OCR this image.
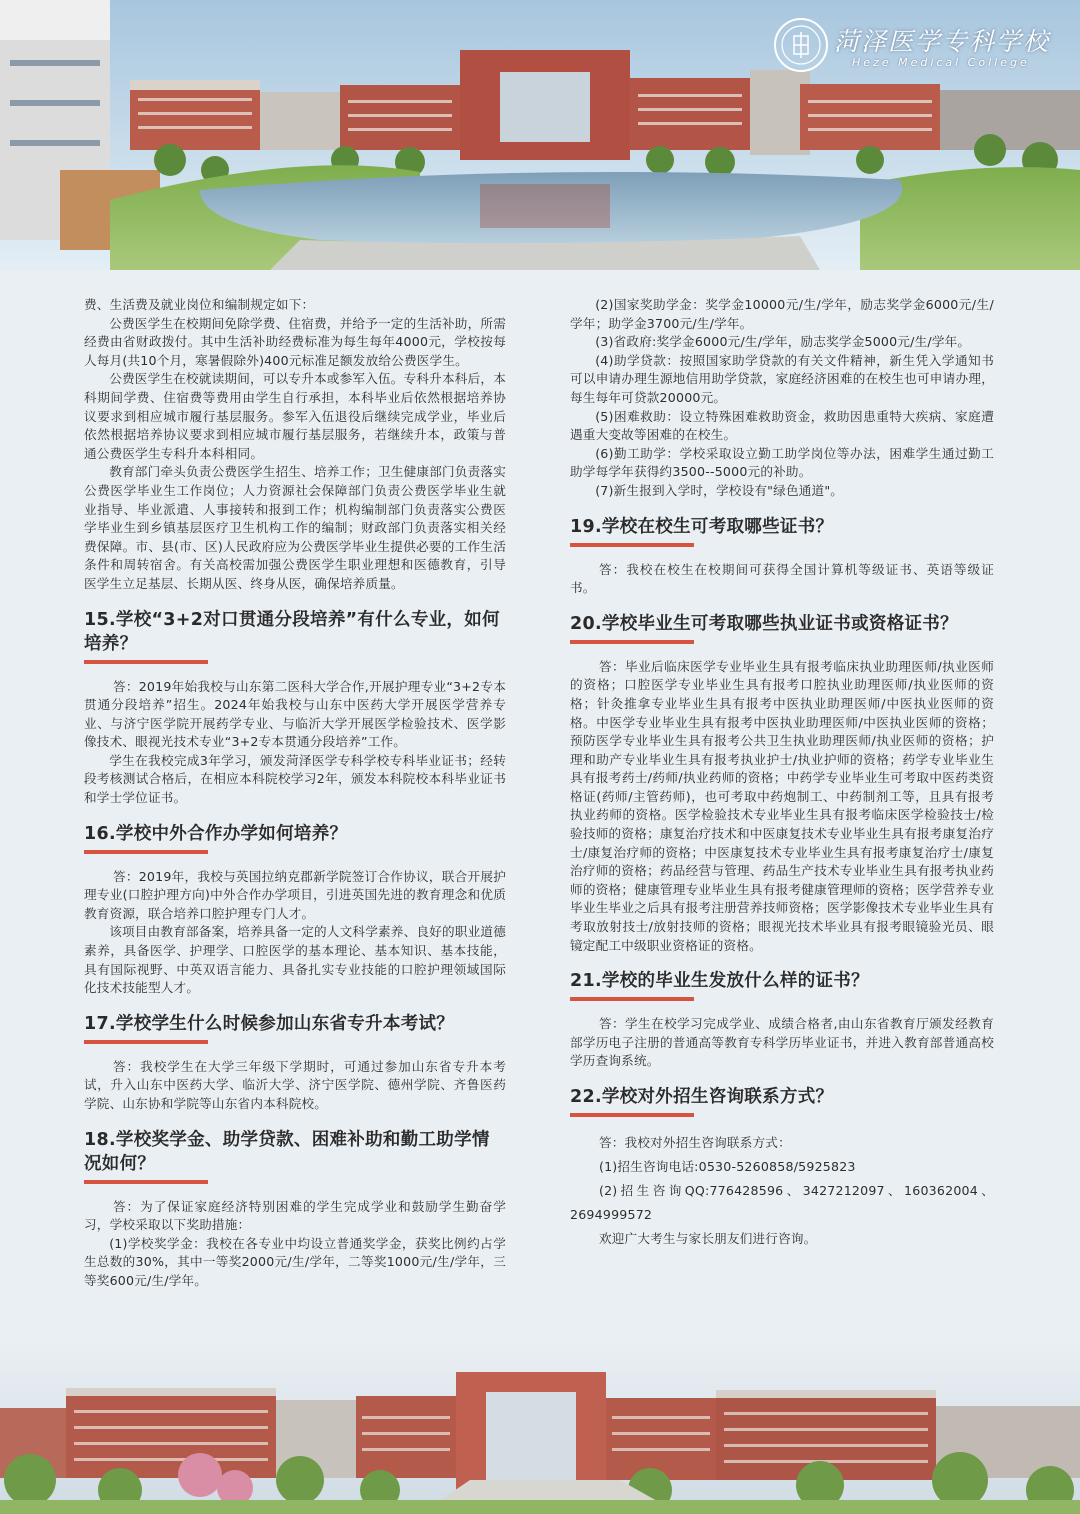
菏泽医学专科学校
Heze Medical College

费、生活费及就业岗位和编制规定如下：

公费医学生在校期间免除学费、住宿费，并给予一定的生活补助，所需经费由省财政拨付。其中生活补助经费标准为每生每年4000元，学校按每人每月(共10个月，寒暑假除外)400元标准足额发放给公费医学生。

公费医学生在校就读期间，可以专升本或参军入伍。专科升本科后，本科期间学费、住宿费等费用由学生自行承担，本科毕业后依然根据培养协议要求到相应城市履行基层服务。参军入伍退役后继续完成学业，毕业后依然根据培养协议要求到相应城市履行基层服务，若继续升本，政策与普通公费医学生专科升本科相同。

教育部门牵头负责公费医学生招生、培养工作；卫生健康部门负责落实公费医学毕业生工作岗位；人力资源社会保障部门负责公费医学毕业生就业指导、毕业派遣、人事接转和报到工作；机构编制部门负责落实公费医学毕业生到乡镇基层医疗卫生机构工作的编制；财政部门负责落实相关经费保障。市、县(市、区)人民政府应为公费医学毕业生提供必要的工作生活条件和周转宿舍。有关高校需加强公费医学生职业理想和医德教育，引导医学生立足基层、长期从医、终身从医，确保培养质量。

15.学校“3+2对口贯通分段培养”有什么专业，如何培养？

答：2019年始我校与山东第二医科大学合作,开展护理专业“3+2专本贯通分段培养”招生。2024年始我校与山东中医药大学开展医学营养专业、与济宁医学院开展药学专业、与临沂大学开展医学检验技术、医学影像技术、眼视光技术专业“3+2专本贯通分段培养”工作。

学生在我校完成3年学习，颁发菏泽医学专科学校专科毕业证书；经转段考核测试合格后，在相应本科院校学习2年，颁发本科院校本科毕业证书和学士学位证书。

16.学校中外合作办学如何培养？

答：2019年，我校与英国拉纳克郡新学院签订合作协议，联合开展护理专业(口腔护理方向)中外合作办学项目，引进英国先进的教育理念和优质教育资源，联合培养口腔护理专门人才。

该项目由教育部备案，培养具备一定的人文科学素养、良好的职业道德素养，具备医学、护理学、口腔医学的基本理论、基本知识、基本技能，具有国际视野、中英双语言能力、具备扎实专业技能的口腔护理领域国际化技术技能型人才。

17.学校学生什么时候参加山东省专升本考试？

答：我校学生在大学三年级下学期时，可通过参加山东省专升本考试，升入山东中医药大学、临沂大学、济宁医学院、德州学院、齐鲁医药学院、山东协和学院等山东省内本科院校。

18.学校奖学金、助学贷款、困难补助和勤工助学情况如何？

答：为了保证家庭经济特别困难的学生完成学业和鼓励学生勤奋学习，学校采取以下奖助措施：

(1)学校奖学金：我校在各专业中均设立普通奖学金，获奖比例约占学生总数的30%，其中一等奖2000元/生/学年，二等奖1000元/生/学年，三等奖600元/生/学年。

(2)国家奖助学金：奖学金10000元/生/学年，励志奖学金6000元/生/学年；助学金3700元/生/学年。

(3)省政府:奖学金6000元/生/学年，励志奖学金5000元/生/学年。

(4)助学贷款：按照国家助学贷款的有关文件精神，新生凭入学通知书可以申请办理生源地信用助学贷款，家庭经济困难的在校生也可申请办理，每生每年可贷款20000元。

(5)困难救助：设立特殊困难救助资金，救助因患重特大疾病、家庭遭遇重大变故等困难的在校生。

(6)勤工助学：学校采取设立勤工助学岗位等办法，困难学生通过勤工助学每学年获得约3500--5000元的补助。

(7)新生报到入学时，学校设有"绿色通道"。

19.学校在校生可考取哪些证书？

答：我校在校生在校期间可获得全国计算机等级证书、英语等级证书。

20.学校毕业生可考取哪些执业证书或资格证书？

答：毕业后临床医学专业毕业生具有报考临床执业助理医师/执业医师的资格；口腔医学专业毕业生具有报考口腔执业助理医师/执业医师的资格；针灸推拿专业毕业生具有报考中医执业助理医师/中医执业医师的资格。中医学专业毕业生具有报考中医执业助理医师/中医执业医师的资格；预防医学专业毕业生具有报考公共卫生执业助理医师/执业医师的资格；护理和助产专业毕业生具有报考执业护士/执业护师的资格；药学专业毕业生具有报考药士/药师/执业药师的资格；中药学专业毕业生可考取中医药类资格证(药师/主管药师)，也可考取中药炮制工、中药制剂工等，且具有报考执业药师的资格。医学检验技术专业毕业生具有报考临床医学检验技士/检验技师的资格；康复治疗技术和中医康复技术专业毕业生具有报考康复治疗士/康复治疗师的资格；中医康复技术专业毕业生具有报考康复治疗士/康复治疗师的资格；药品经营与管理、药品生产技术专业毕业生具有报考执业药师的资格；健康管理专业毕业生具有报考健康管理师的资格；医学营养专业毕业生毕业之后具有报考注册营养技师资格；医学影像技术专业毕业生具有考取放射技士/放射技师的资格；眼视光技术毕业具有报考眼镜验光员、眼镜定配工中级职业资格证的资格。

21.学校的毕业生发放什么样的证书？

答：学生在校学习完成学业、成绩合格者,由山东省教育厅颁发经教育部学历电子注册的普通高等教育专科学历毕业证书，并进入教育部普通高校学历查询系统。

22.学校对外招生咨询联系方式？

答：我校对外招生咨询联系方式：

(1)招生咨询电话:0530-5260858/5925823

(2)招生咨询QQ:776428596、3427212097、160362004、2694999572

欢迎广大考生与家长朋友们进行咨询。
